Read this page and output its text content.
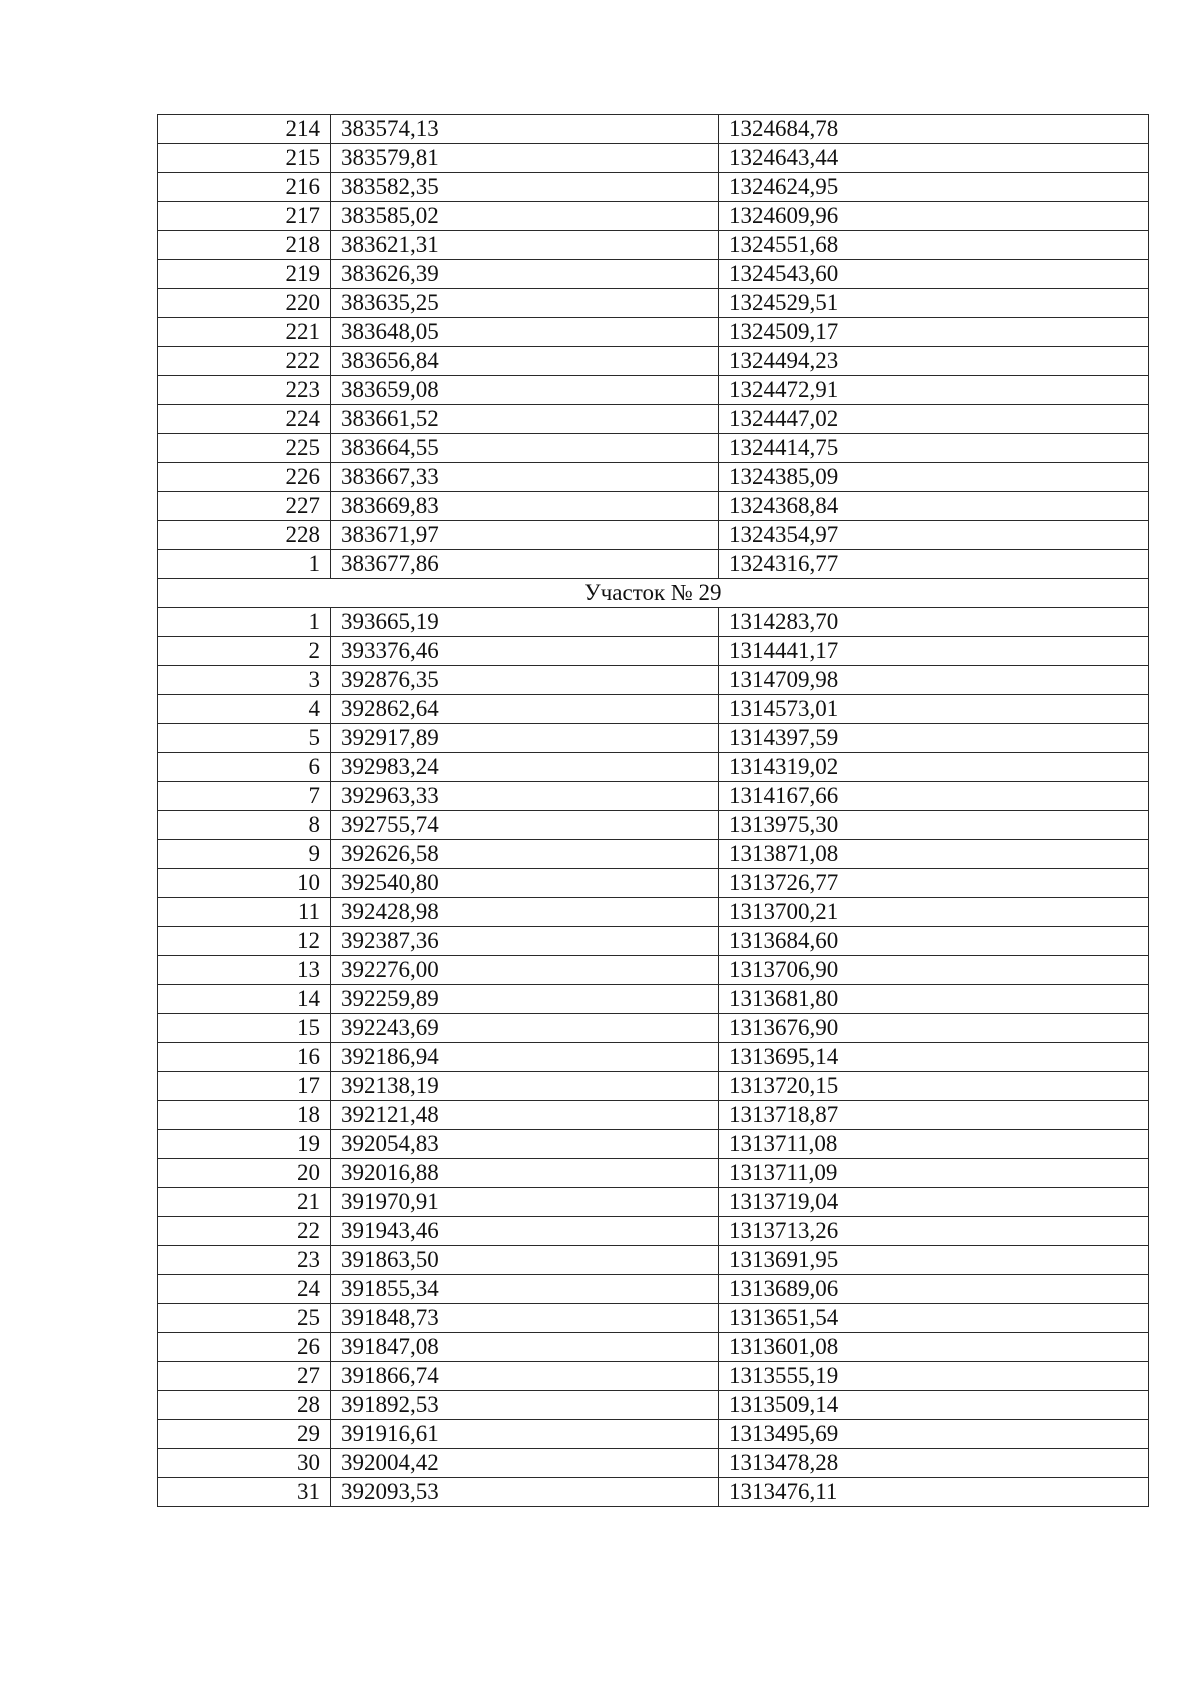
214	383574,13	1324684,78
215	383579,81	1324643,44
216	383582,35	1324624,95
217	383585,02	1324609,96
218	383621,31	1324551,68
219	383626,39	1324543,60
220	383635,25	1324529,51
221	383648,05	1324509,17
222	383656,84	1324494,23
223	383659,08	1324472,91
224	383661,52	1324447,02
225	383664,55	1324414,75
226	383667,33	1324385,09
227	383669,83	1324368,84
228	383671,97	1324354,97
1	383677,86	1324316,77
Участок № 29		
1	393665,19	1314283,70
2	393376,46	1314441,17
3	392876,35	1314709,98
4	392862,64	1314573,01
5	392917,89	1314397,59
6	392983,24	1314319,02
7	392963,33	1314167,66
8	392755,74	1313975,30
9	392626,58	1313871,08
10	392540,80	1313726,77
11	392428,98	1313700,21
12	392387,36	1313684,60
13	392276,00	1313706,90
14	392259,89	1313681,80
15	392243,69	1313676,90
16	392186,94	1313695,14
17	392138,19	1313720,15
18	392121,48	1313718,87
19	392054,83	1313711,08
20	392016,88	1313711,09
21	391970,91	1313719,04
22	391943,46	1313713,26
23	391863,50	1313691,95
24	391855,34	1313689,06
25	391848,73	1313651,54
26	391847,08	1313601,08
27	391866,74	1313555,19
28	391892,53	1313509,14
29	391916,61	1313495,69
30	392004,42	1313478,28
31	392093,53	1313476,11
